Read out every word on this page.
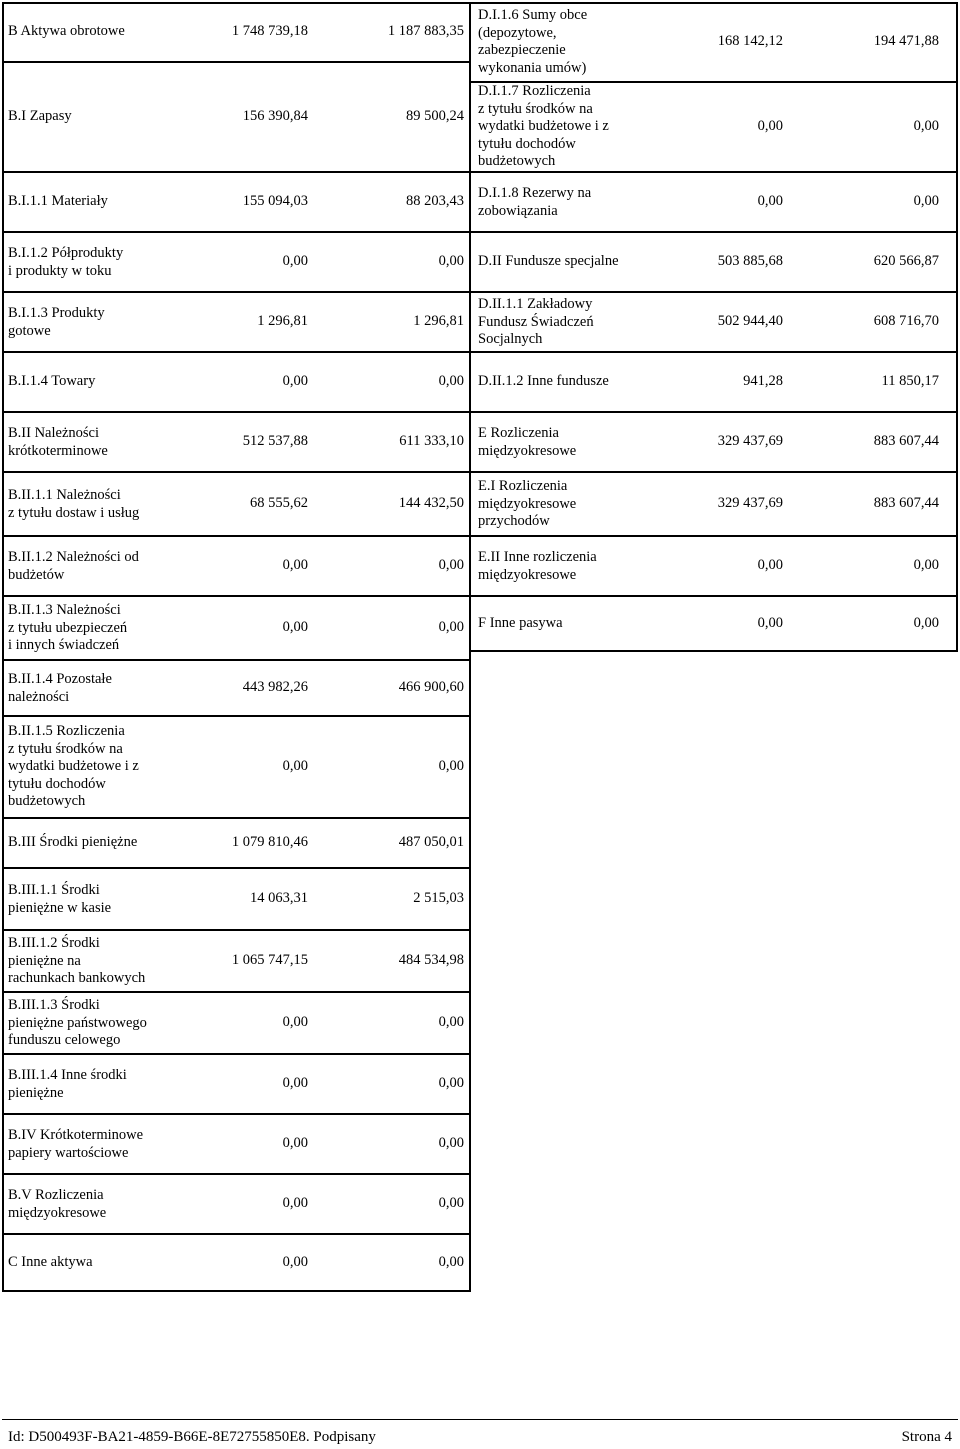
B Aktywa obrotowe	1 748 739,18	1 187 883,35
B.I Zapasy	156 390,84	89 500,24
B.I.1.1 Materiały	155 094,03	88 203,43
B.I.1.2 Półprodukty
i produkty w toku
0,00	0,00
B.I.1.3 Produkty
gotowe
1 296,81	1 296,81
B.I.1.4 Towary	0,00	0,00
B.II Należności
krótkoterminowe
512 537,88	611 333,10
B.II.1.1 Należności
z tytułu dostaw i usług
68 555,62	144 432,50
B.II.1.2 Należności od
budżetów
0,00	0,00
B.II.1.3 Należności
z tytułu ubezpieczeń
i innych świadczeń
0,00	0,00
B.II.1.4 Pozostałe
należności
443 982,26	466 900,60
B.II.1.5 Rozliczenia
z tytułu środków na
wydatki budżetowe i z
tytułu dochodów
budżetowych
0,00	0,00
B.III Środki pieniężne	1 079 810,46	487 050,01
B.III.1.1 Środki
pieniężne w kasie
14 063,31	2 515,03
B.III.1.2 Środki
pieniężne na
rachunkach bankowych
1 065 747,15	484 534,98
B.III.1.3 Środki
pieniężne państwowego
funduszu celowego
0,00	0,00
B.III.1.4 Inne środki
pieniężne
0,00	0,00
B.IV Krótkoterminowe
papiery wartościowe
0,00	0,00
B.V Rozliczenia
międzyokresowe
0,00	0,00
C Inne aktywa	0,00	0,00
D.I.1.6 Sumy obce
(depozytowe,
zabezpieczenie
wykonania umów)
168 142,12	194 471,88
D.I.1.7 Rozliczenia
z tytułu środków na
wydatki budżetowe i z
tytułu dochodów
budżetowych
0,00	0,00
D.I.1.8 Rezerwy na
zobowiązania
0,00	0,00
D.II Fundusze specjalne	503 885,68	620 566,87
D.II.1.1 Zakładowy
Fundusz Świadczeń
Socjalnych
502 944,40	608 716,70
D.II.1.2 Inne fundusze	941,28	11 850,17
E Rozliczenia
międzyokresowe
329 437,69	883 607,44
E.I Rozliczenia
międzyokresowe
przychodów
329 437,69	883 607,44
E.II Inne rozliczenia
międzyokresowe
0,00	0,00
F Inne pasywa	0,00	0,00
Id: D500493F-BA21-4859-B66E-8E72755850E8. Podpisany	Strona 4
